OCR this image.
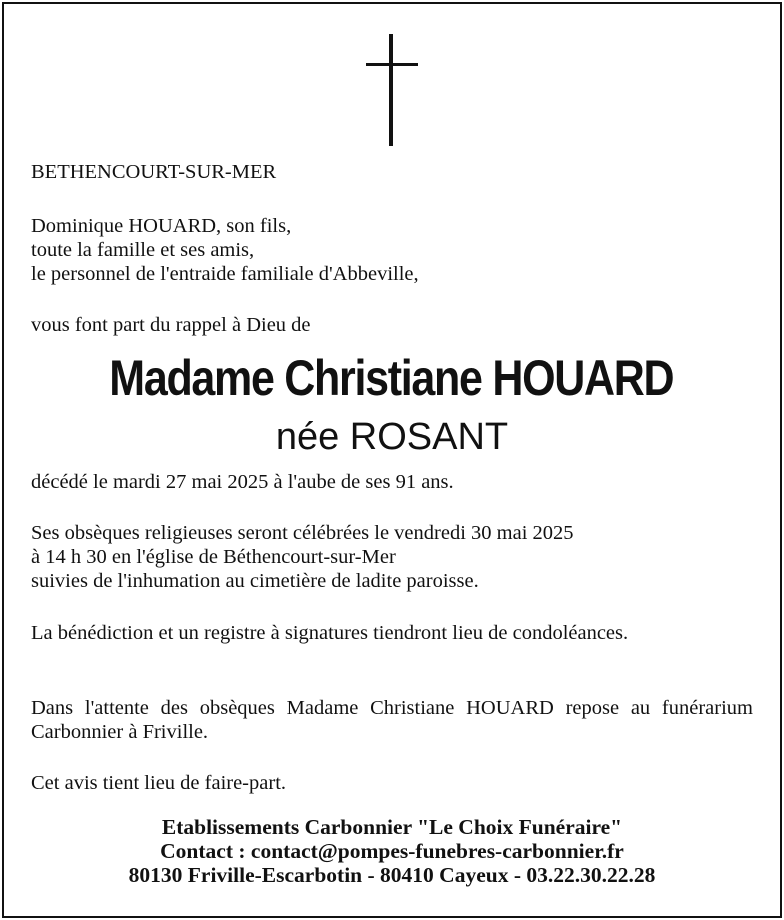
BETHENCOURT-SUR-MER
Dominique HOUARD, son fils,
toute la famille et ses amis,
le personnel de l'entraide familiale d'Abbeville,
vous font part du rappel à Dieu de
Madame Christiane HOUARD
née ROSANT
décédé le mardi 27 mai 2025 à l'aube de ses 91 ans.
Ses obsèques religieuses seront célébrées le vendredi 30 mai 2025
à 14 h 30 en l'église de Béthencourt-sur-Mer
suivies de l'inhumation au cimetière de ladite paroisse.
La bénédiction et un registre à signatures tiendront lieu de condoléances.
Dans l'attente des obsèques Madame Christiane HOUARD repose au funérarium Carbonnier à Friville.
Cet avis tient lieu de faire-part.
Etablissements Carbonnier "Le Choix Funéraire"
Contact : contact@pompes-funebres-carbonnier.fr
80130 Friville-Escarbotin - 80410 Cayeux - 03.22.30.22.28
